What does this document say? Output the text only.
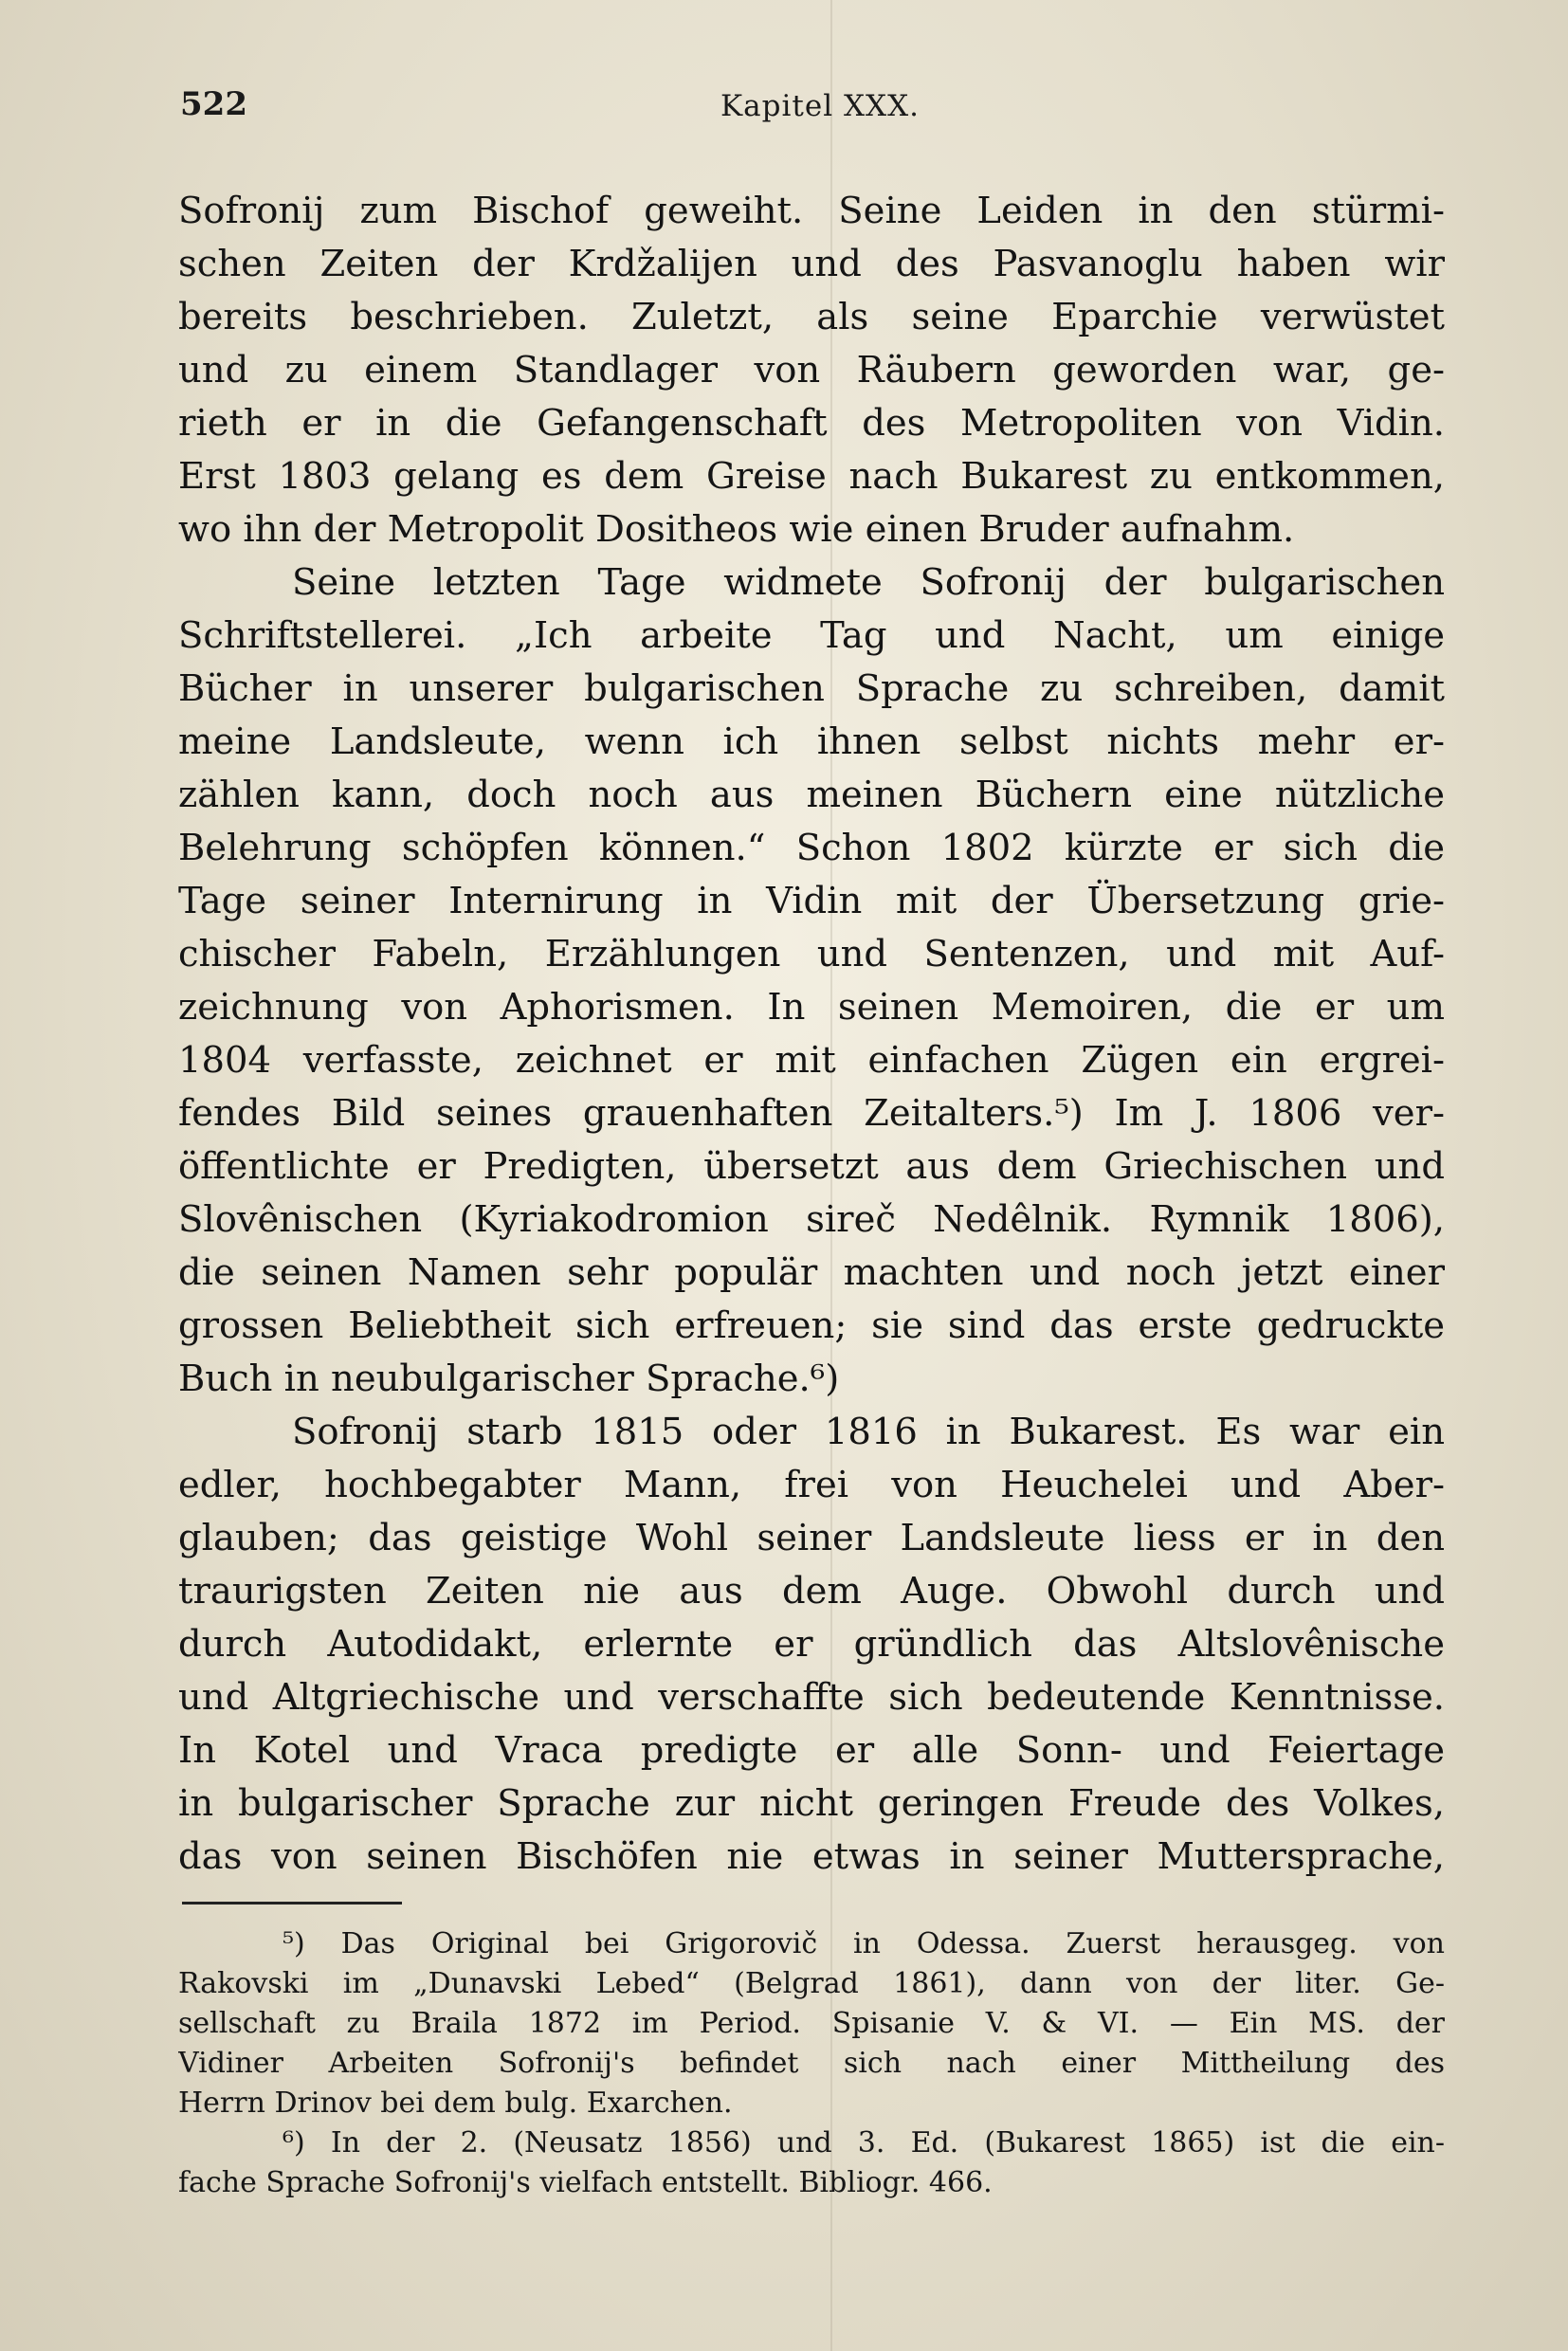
522	Kapitel XXX.
Sofronij zum Bischof geweiht. Seine Leiden in den stürmi-
schen Zeiten der Krdžalijen und des Pasvanoglu haben wir
bereits beschrieben. Zuletzt, als seine Eparchie verwüstet
und zu einem Standlager von Räubern geworden war, ge-
rieth er in die Gefangenschaft des Metropoliten von Vidin.
Erst 1803 gelang es dem Greise nach Bukarest zu entkommen,
wo ihn der Metropolit Dositheos wie einen Bruder aufnahm.
Seine letzten Tage widmete Sofronij der bulgarischen
Schriftstellerei. „Ich arbeite Tag und Nacht, um einige
Bücher in unserer bulgarischen Sprache zu schreiben, damit
meine Landsleute, wenn ich ihnen selbst nichts mehr er-
zählen kann, doch noch aus meinen Büchern eine nützliche
Belehrung schöpfen können.“ Schon 1802 kürzte er sich die
Tage seiner Internirung in Vidin mit der Übersetzung grie-
chischer Fabeln, Erzählungen und Sentenzen, und mit Auf-
zeichnung von Aphorismen. In seinen Memoiren, die er um
1804 verfasste, zeichnet er mit einfachen Zügen ein ergrei-
fendes Bild seines grauenhaften Zeitalters.⁵) Im J. 1806 ver-
öffentlichte er Predigten, übersetzt aus dem Griechischen und
Slovênischen (Kyriakodromion sireč Nedêlnik. Rymnik 1806),
die seinen Namen sehr populär machten und noch jetzt einer
grossen Beliebtheit sich erfreuen; sie sind das erste gedruckte
Buch in neubulgarischer Sprache.⁶)
Sofronij starb 1815 oder 1816 in Bukarest. Es war ein
edler, hochbegabter Mann, frei von Heuchelei und Aber-
glauben; das geistige Wohl seiner Landsleute liess er in den
traurigsten Zeiten nie aus dem Auge. Obwohl durch und
durch Autodidakt, erlernte er gründlich das Altslovênische
und Altgriechische und verschaffte sich bedeutende Kenntnisse.
In Kotel und Vraca predigte er alle Sonn- und Feiertage
in bulgarischer Sprache zur nicht geringen Freude des Volkes,
das von seinen Bischöfen nie etwas in seiner Muttersprache,
⁵) Das Original bei Grigorovič in Odessa. Zuerst herausgeg. von
Rakovski im „Dunavski Lebed“ (Belgrad 1861), dann von der liter. Ge-
sellschaft zu Braila 1872 im Period. Spisanie V. & VI. — Ein MS. der
Vidiner Arbeiten Sofronij's befindet sich nach einer Mittheilung des
Herrn Drinov bei dem bulg. Exarchen.
⁶) In der 2. (Neusatz 1856) und 3. Ed. (Bukarest 1865) ist die ein-
fache Sprache Sofronij's vielfach entstellt. Bibliogr. 466.
